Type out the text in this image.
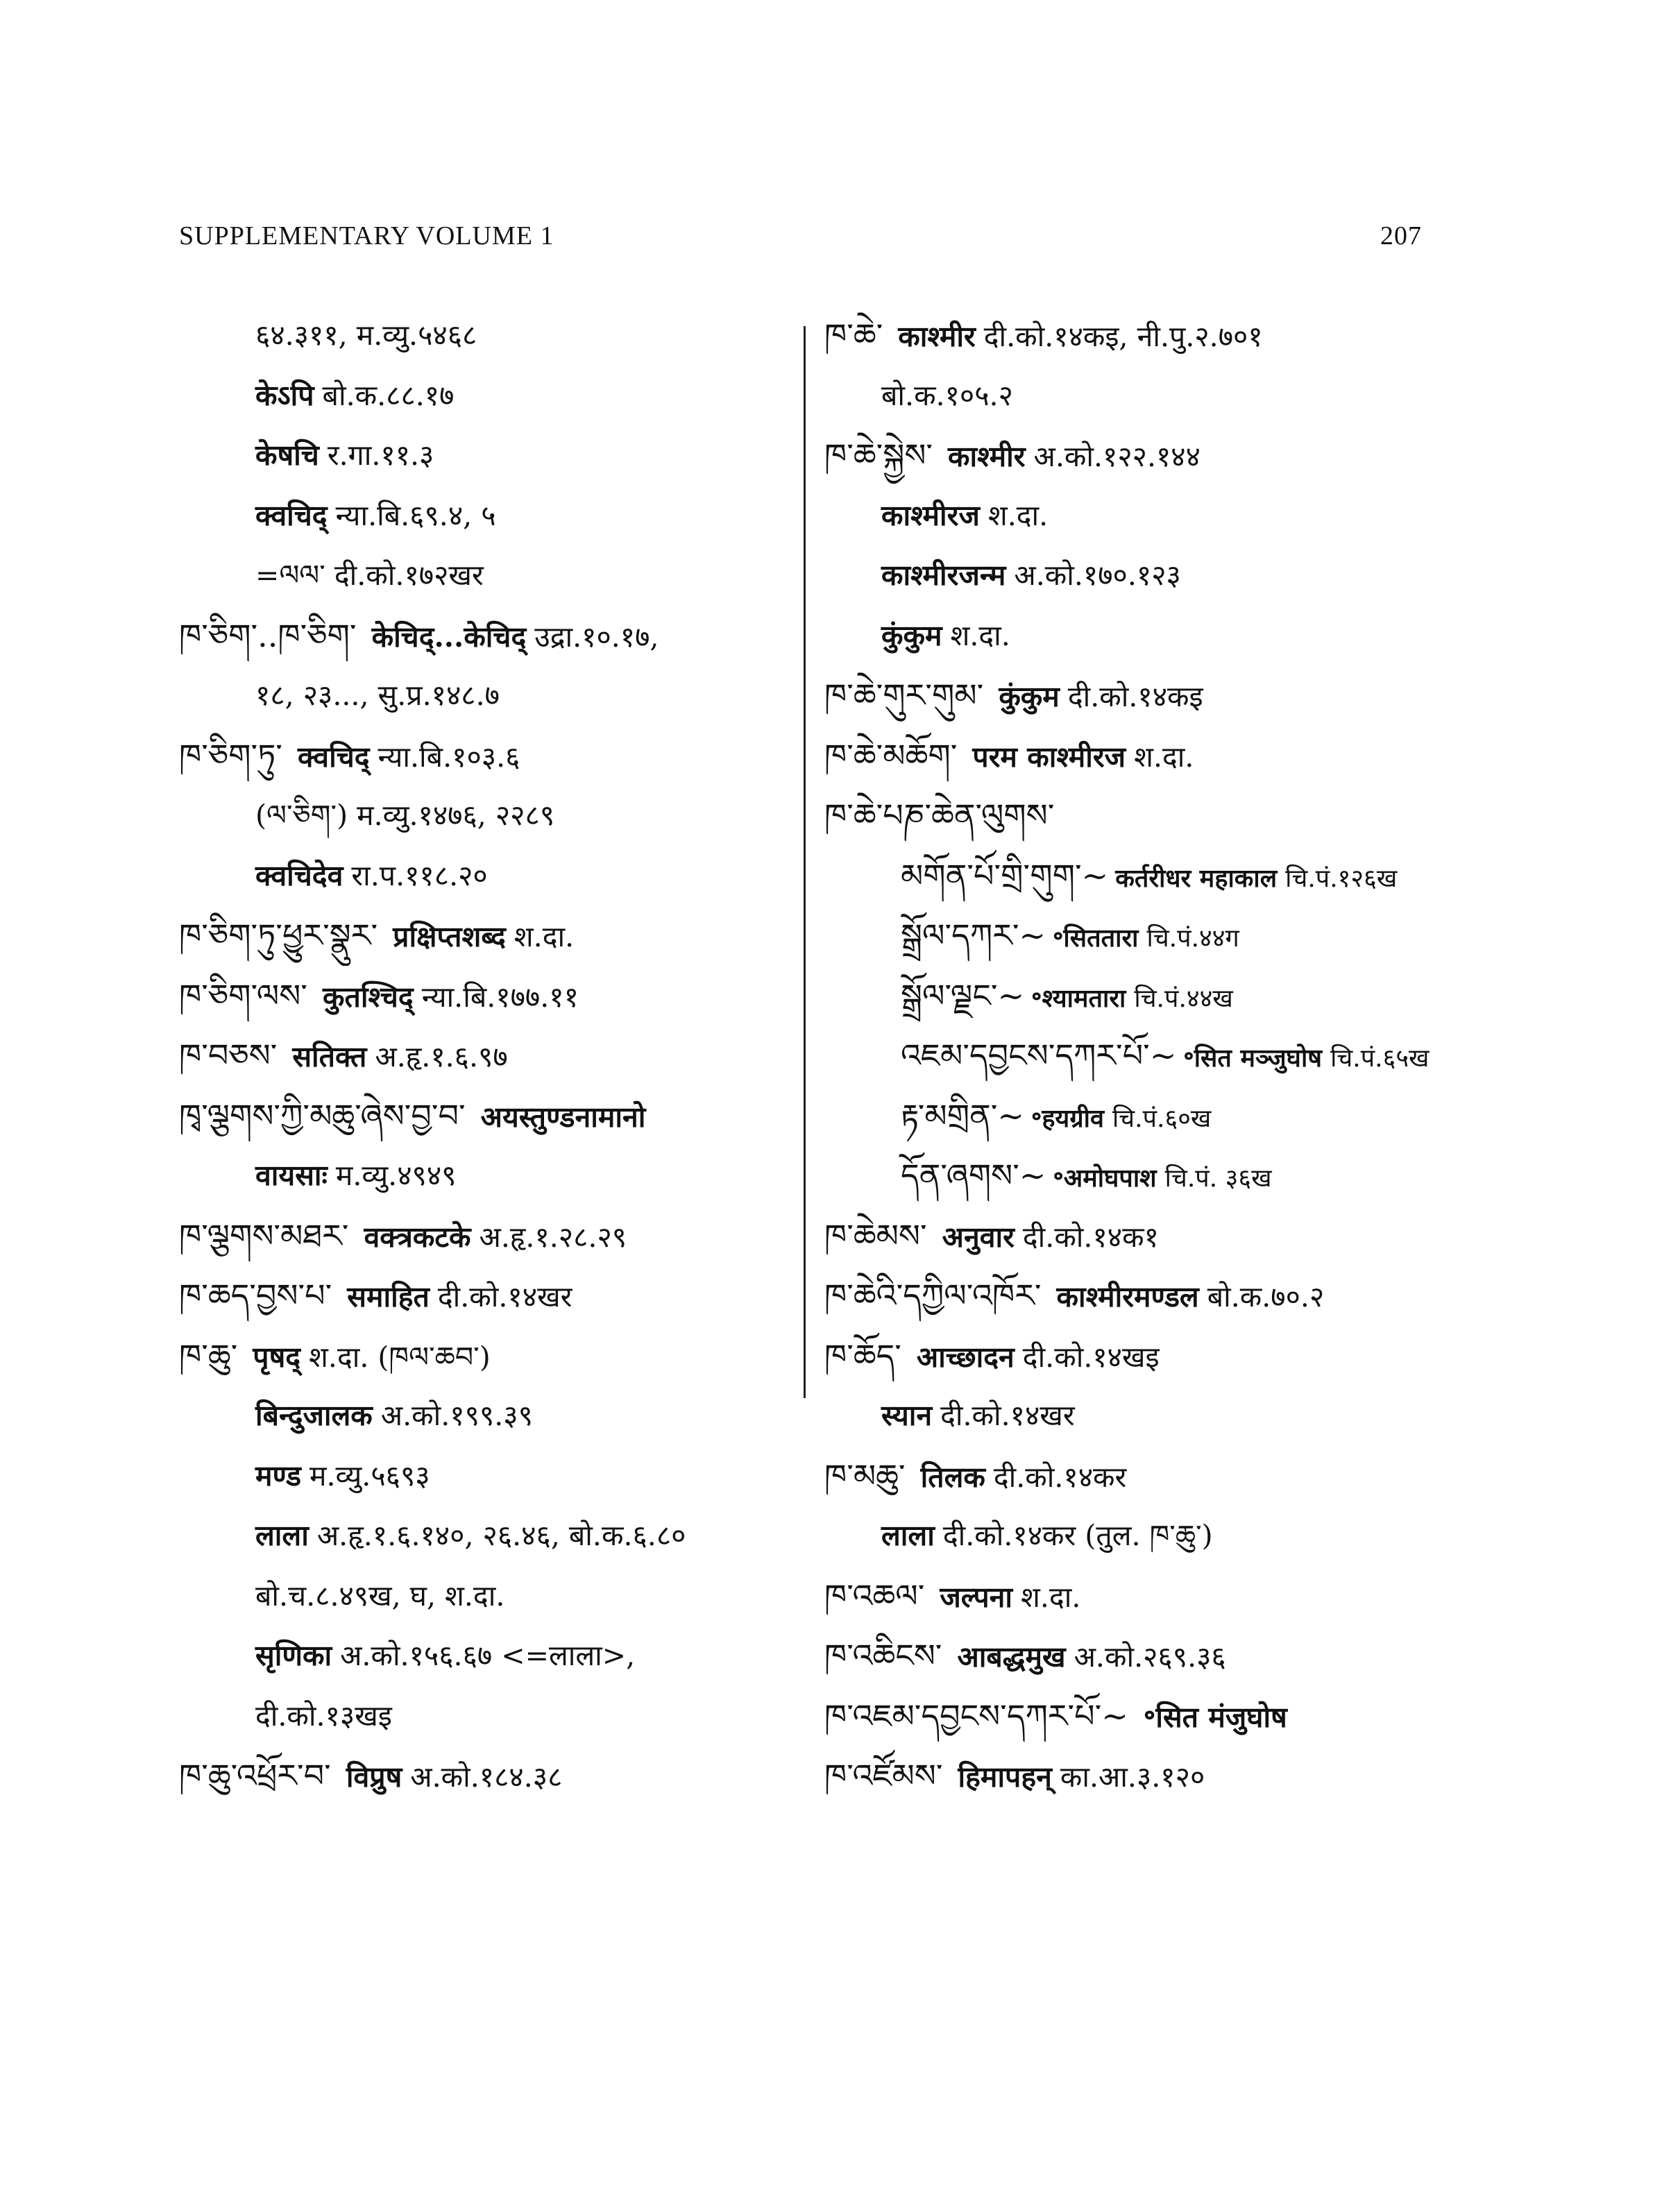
SUPPLEMENTARY VOLUME 1	207
६४.३११, म.व्यु.५४६८
केऽपि बो.क.८८.१७
केषचि र.गा.११.३
क्वचिद् न्या.बि.६९.४, ५
=ལལ་ दी.को.१७२खर
ཁ་ཅིག་..ཁ་ཅིག་ केचिद्...केचिद् उद्रा.१०.१७,
१८, २३..., सु.प्र.१४८.७
ཁ་ཅིག་ཏུ་ क्वचिद् न्या.बि.१०३.६
(ལ་ཅིག་) म.व्यु.१४७६, २२८९
क्वचिदेव रा.प.११८.२०
ཁ་ཅིག་ཏུ་ཕྱུར་སྣུར་ प्रक्षिप्तशब्द श.दा.
ཁ་ཅིག་ལས་ कुतश्चिद् न्या.बि.१७७.११
ཁ་བཅས་ सतिक्त अ.हृ.१.६.९७
ཁྭ་ལྕགས་ཀྱི་མཆུ་ཞེས་བྱ་བ་ अयस्तुण्डनामानो
वायसाः म.व्यु.४९४९
ཁ་ལྕགས་མཐར་ वक्त्रकटके अ.हृ.१.२८.२९
ཁ་ཆད་བྱས་པ་ समाहित दी.को.१४खर
ཁ་ཆུ་ पृषद् श.दा. (ཁལ་ཆབ་)
बिन्दुजालक अ.को.१९९.३९
मण्ड म.व्यु.५६९३
लाला अ.हृ.१.६.१४०, २६.४६, बो.क.६.८०
बो.च.८.४९ख, घ, श.दा.
सृणिका अ.को.१५६.६७ <=लाला>,
दी.को.१३खइ
ཁ་ཆུ་འཕྲོར་བ་ विप्रुष अ.को.१८४.३८
ཁ་ཆེ་ काश्मीर दी.को.१४कइ, नी.पु.२.७०१
बो.क.१०५.२
ཁ་ཆེ་སྐྱེས་ काश्मीर अ.को.१२२.१४४
काश्मीरज श.दा.
काश्मीरजन्म अ.को.१७०.१२३
कुंकुम श.दा.
ཁ་ཆེ་གུར་གུམ་ कुंकुम दी.को.१४कइ
ཁ་ཆེ་མཆོག་ परम काश्मीरज श.दा.
ཁ་ཆེ་པཎ་ཆེན་ལུགས་
མགོན་པོ་གྲི་གུག་~ कर्तरीधर महाकाल चि.पं.१२६ख
སྒྲོལ་དཀར་~ ॰सिततारा चि.पं.४४ग
སྒྲོལ་ལྗང་~ ॰श्यामतारा चि.पं.४४ख
འཇམ་དབྱངས་དཀར་པོ་~ ॰सित मञ्जुघोष चि.पं.६५ख
རྟ་མགྲིན་~ ॰हयग्रीव चि.पं.६०ख
དོན་ཞགས་~ ॰अमोघपाश चि.पं. ३६ख
ཁ་ཆེམས་ अनुवार दी.को.१४क१
ཁ་ཆེའི་དཀྱིལ་འཁོར་ काश्मीरमण्डल बो.क.७०.२
ཁ་ཆོད་ आच्छादन दी.को.१४खइ
स्यान दी.को.१४खर
ཁ་མཆུ་ तिलक दी.को.१४कर
लाला दी.को.१४कर (तुल. ཁ་ཆུ་)
ཁ་འཆལ་ जल्पना श.दा.
ཁ་འཆིངས་ आबद्धमुख अ.को.२६९.३६
ཁ་འཇམ་དབྱངས་དཀར་པོ་~ ॰सित मंजुघोष
ཁ་འཛོམས་ हिमापहन् का.आ.३.१२०
